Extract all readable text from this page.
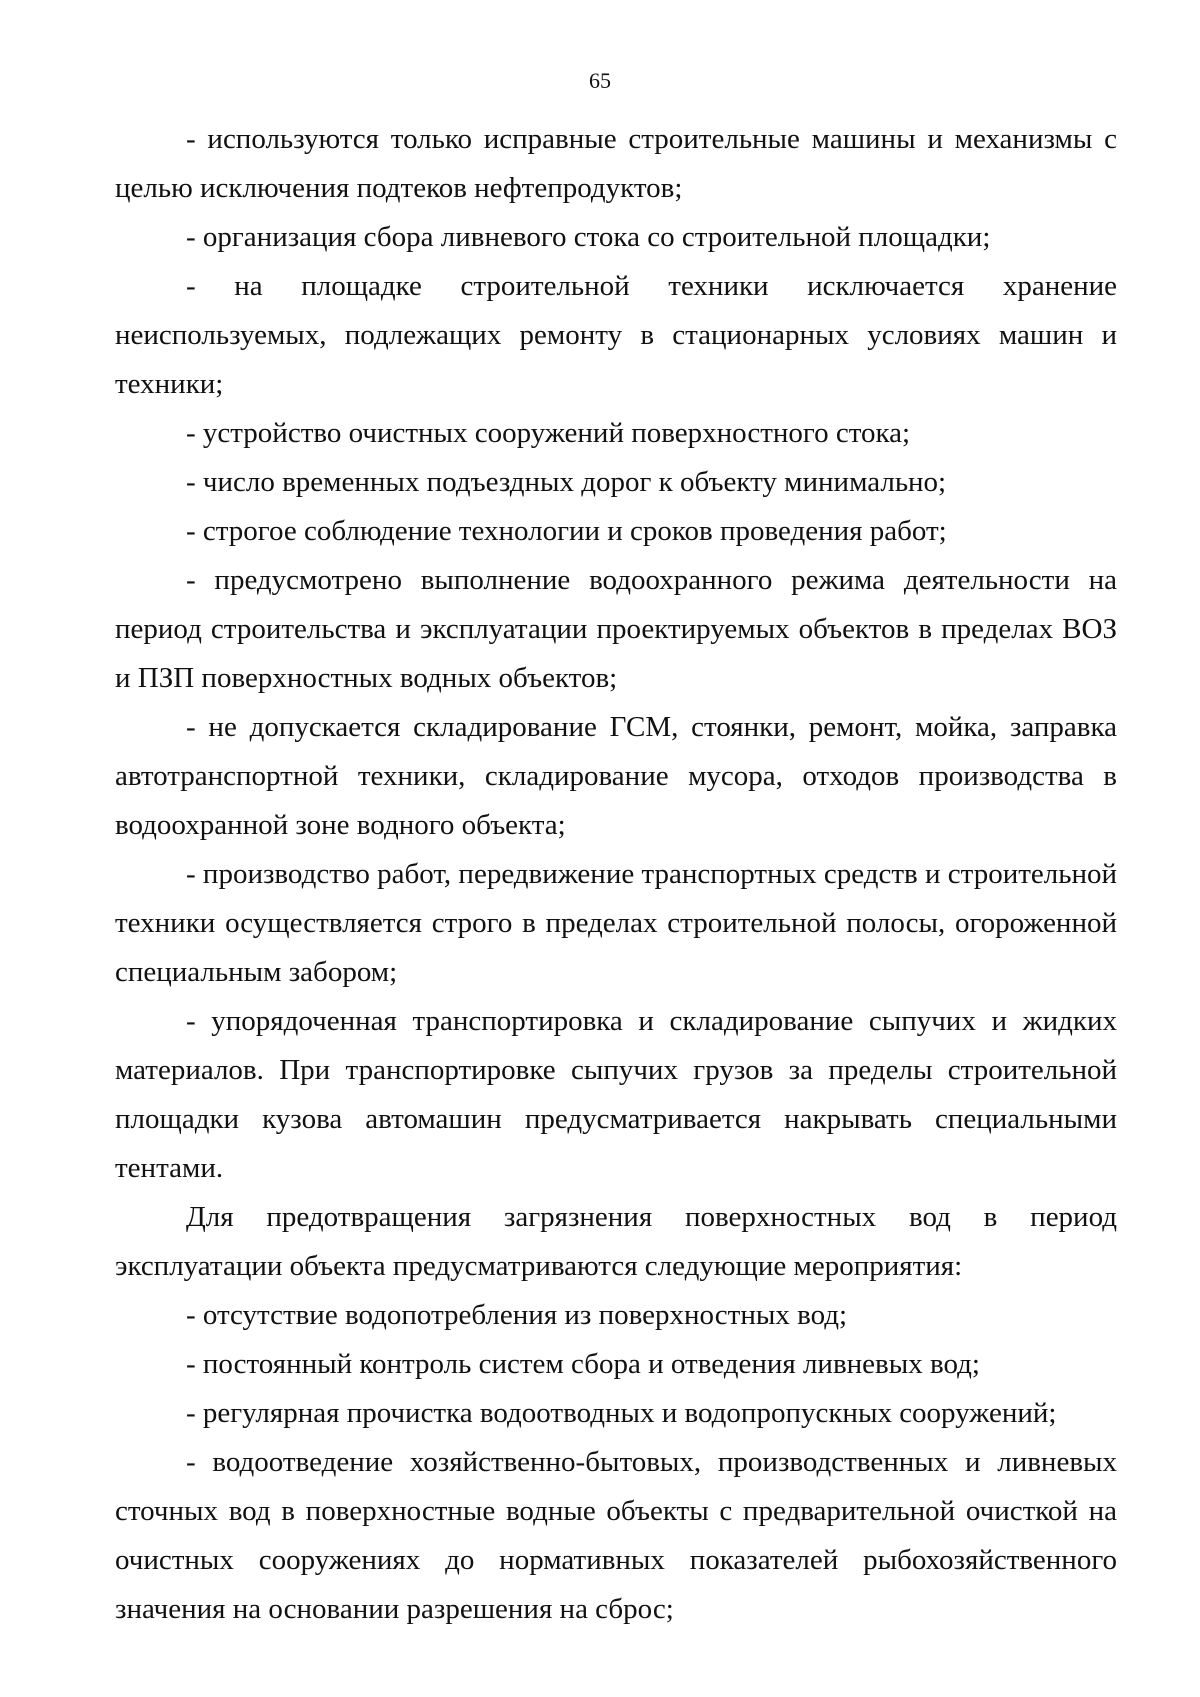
65

- используются только исправные строительные машины и механизмы с целью исключения подтеков нефтепродуктов;

- организация сбора ливневого стока со строительной площадки;

- на площадке строительной техники исключается хранение неиспользуемых, подлежащих ремонту в стационарных условиях машин и техники;

- устройство очистных сооружений поверхностного стока;

- число временных подъездных дорог к объекту минимально;

- строгое соблюдение технологии и сроков проведения работ;

- предусмотрено выполнение водоохранного режима деятельности на период строительства и эксплуатации проектируемых объектов в пределах ВОЗ и ПЗП поверхностных водных объектов;

- не допускается складирование ГСМ, стоянки, ремонт, мойка, заправка автотранспортной техники, складирование мусора, отходов производства в водоохранной зоне водного объекта;

- производство работ, передвижение транспортных средств и строительной техники осуществляется строго в пределах строительной полосы, огороженной специальным забором;

- упорядоченная транспортировка и складирование сыпучих и жидких материалов. При транспортировке сыпучих грузов за пределы строительной площадки кузова автомашин предусматривается накрывать специальными тентами.

Для предотвращения загрязнения поверхностных вод в период эксплуатации объекта предусматриваются следующие мероприятия:

- отсутствие водопотребления из поверхностных вод;

- постоянный контроль систем сбора и отведения ливневых вод;

- регулярная прочистка водоотводных и водопропускных сооружений;

- водоотведение хозяйственно-бытовых, производственных и ливневых сточных вод в поверхностные водные объекты с предварительной очисткой на очистных сооружениях до нормативных показателей рыбохозяйственного значения на основании разрешения на сброс;
